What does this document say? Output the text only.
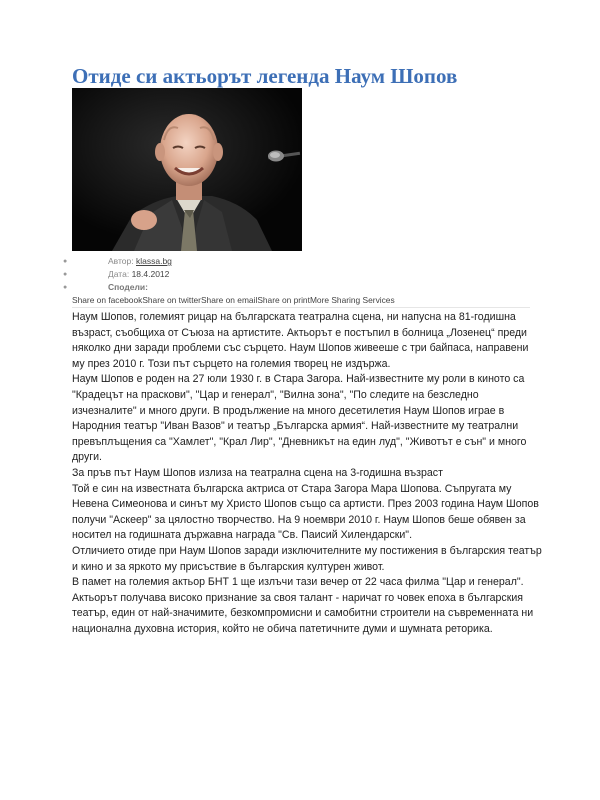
Отиде си актьорът легенда Наум Шопов
●	Автор: klassa.bg
●	Дата: 18.4.2012
●	Сподели:
Share on facebookShare on twitterShare on emailShare on printMore Sharing Services

Наум Шопов, големият рицар на българската театрална сцена, ни напусна на 81-годишна възраст, съобщиха от Съюза на артистите. Актьорът е постъпил в болница „Лозенец“ преди няколко дни заради проблеми със сърцето. Наум Шопов живееше с три байпаса, направени му през 2010 г. Този път сърцето на големия творец не издържа.

Наум Шопов е роден на 27 юли 1930 г. в Стара Загора. Най-известните му роли в киното са "Крадецът на праскови", "Цар и генерал", "Вилна зона", "По следите на безследно изчезналите" и много други. В продължение на много десетилетия Наум Шопов играе в Народния театър "Иван Вазов" и театър „Българска армия“. Най-известните му театрални превъплъщения са "Хамлет", "Крал Лир", "Дневникът на един луд", "Животът е сън" и много други.

За пръв път Наум Шопов излиза на театрална сцена на 3-годишна възраст

Той е син на известната българска актриса от Стара Загора Мара Шопова. Съпругата му Невена Симеонова и синът му Христо Шопов също са артисти. През 2003 година Наум Шопов получи "Аскеер" за цялостно творчество. На 9 ноември 2010 г. Наум Шопов беше обявен за носител на годишната държавна награда "Св. Паисий Хилендарски".

Отличието отиде при Наум Шопов заради изключителните му постижения в българския театър и кино и за яркото му присъствие в българския културен живот.

В памет на големия актьор БНТ 1 ще излъчи тази вечер от 22 часа филма "Цар и генерал".

Актьорът получава високо признание за своя талант - наричат го човек епоха в българския театър, един от най-значимите, безкомпромисни и самобитни строители на съвременната ни национална духовна история, който не обича патетичните думи и шумната реторика.
